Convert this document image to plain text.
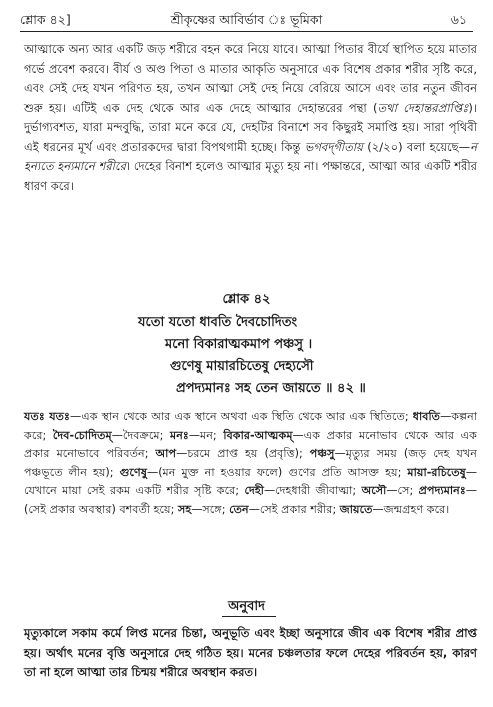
শ্লোক ৪২]	শ্রীকৃষ্ণের আবির্ভাব ঃ ভূমিকা	৬১
আত্মাকে অন্য আর একটি জড় শরীরে বহন করে নিয়ে যাবে। আত্মা পিতার বীর্যে স্থাপিত হয়ে মাতার গর্ভে প্রবেশ করবে। বীর্য ও অণ্ড পিতা ও মাতার আকৃতি অনুসারে এক বিশেষ প্রকার শরীর সৃষ্টি করে, এবং সেই দেহ যখন পরিণত হয়, তখন আত্মা সেই দেহ নিয়ে বেরিয়ে আসে এবং তার নতুন জীবন শুরু হয়। এটিই এক দেহ থেকে আর এক দেহে আত্মার দেহান্তরের পন্থা (তথা দেহান্তরপ্রাপ্তিঃ)। দুর্ভাগ্যবশত, যারা মন্দবুদ্ধি, তারা মনে করে যে, দেহটির বিনাশে সব কিছুরই সমাপ্তি হয়। সারা পৃথিবী এই ধরনের মূর্খ এবং প্রতারকদের দ্বারা বিপথগামী হচ্ছে। কিন্তু ভগবদ্‌গীতায় (২/২০) বলা হয়েছে—ন হন্যতে হন্যমানে শরীরে। দেহের বিনাশ হলেও আত্মার মৃত্যু হয় না। পক্ষান্তরে, আত্মা আর একটি শরীর ধারণ করে।
শ্লোক ৪২
যতো যতো ধাবতি দৈবচোদিতং
মনো বিকারাত্মকমাপ পঞ্চসু ।
গুণেষু মায়ারচিতেষু দেহ্যসৌ
প্রপদ্যমানঃ সহ তেন জায়তে ॥ ৪২ ॥
যতঃ যতঃ—এক স্থান থেকে আর এক স্থানে অথবা এক স্থিতি থেকে আর এক স্থিতিতে; ধাবতি—কল্পনা করে; দৈব-চোদিতম্—দৈবক্রমে; মনঃ—মন; বিকার-আত্মকম্—এক প্রকার মনোভাব থেকে আর এক প্রকার মনোভাবে পরিবর্তন; আপ—চরমে প্রাপ্ত হয় (প্রবৃত্তি); পঞ্চসু—মৃত্যুর সময় (জড় দেহ যখন পঞ্চভূতে লীন হয়); গুণেষু—(মন মুক্ত না হওয়ার ফলে) গুণের প্রতি আসক্ত হয়; মায়া-রচিতেষু—যেখানে মায়া সেই রকম একটি শরীর সৃষ্টি করে; দেহী—দেহধারী জীবাত্মা; অসৌ—সে; প্রপদ্যমানঃ—(সেই প্রকার অবস্থার) বশবর্তী হয়ে; সহ—সঙ্গে; তেন—সেই প্রকার শরীর; জায়তে—জন্মগ্রহণ করে।
অনুবাদ
মৃত্যুকালে সকাম কর্মে লিপ্ত মনের চিন্তা, অনুভূতি এবং ইচ্ছা অনুসারে জীব এক বিশেষ শরীর প্রাপ্ত হয়। অর্থাৎ মনের বৃত্তি অনুসারে দেহ গঠিত হয়। মনের চঞ্চলতার ফলে দেহের পরিবর্তন হয়, কারণ তা না হলে আত্মা তার চিন্ময় শরীরে অবস্থান করত।
